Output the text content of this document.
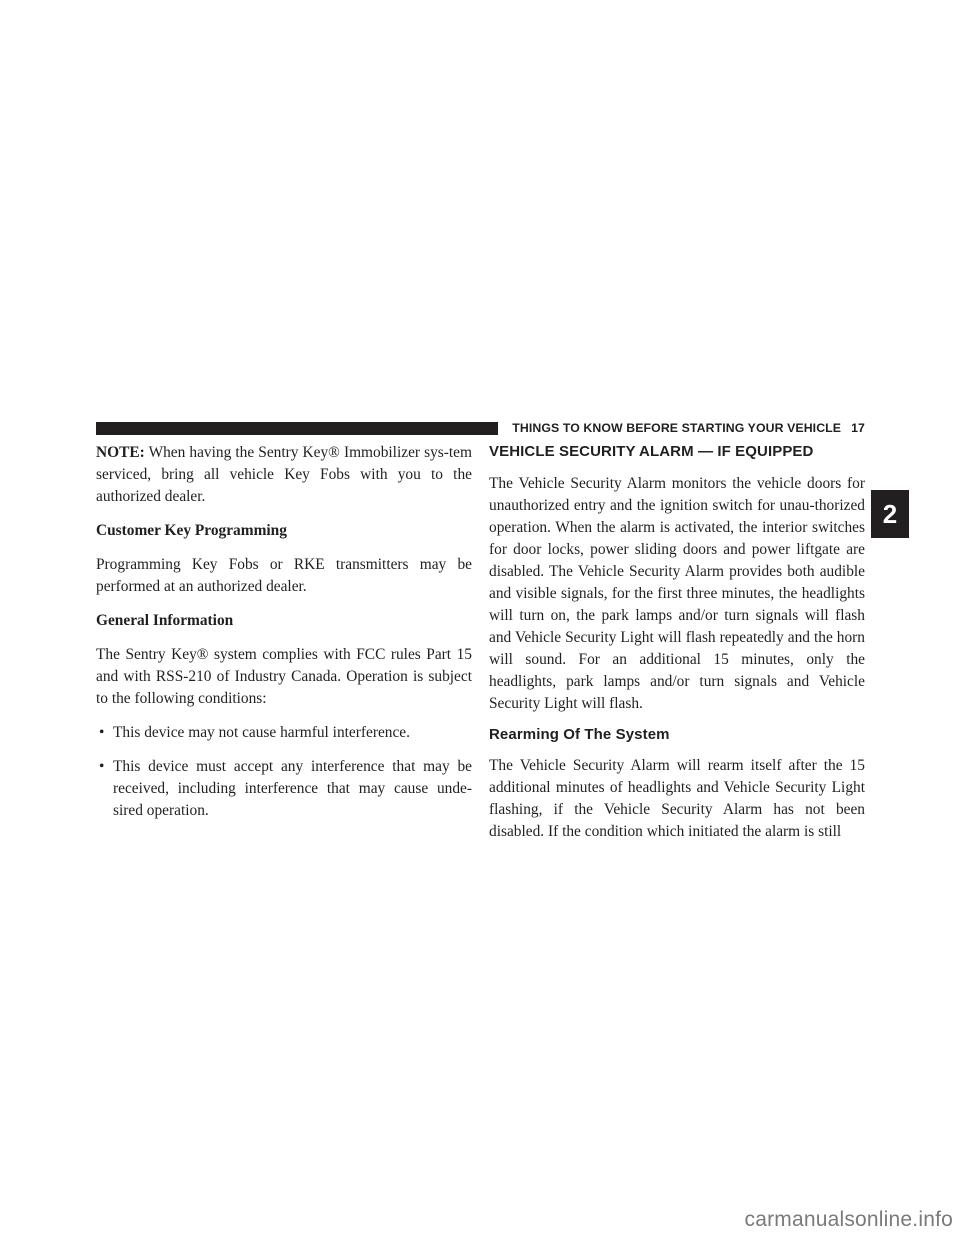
THINGS TO KNOW BEFORE STARTING YOUR VEHICLE 17
2

NOTE: When having the Sentry Key® Immobilizer sys-tem serviced, bring all vehicle Key Fobs with you to the authorized dealer.

Customer Key Programming

Programming Key Fobs or RKE transmitters may be performed at an authorized dealer.

General Information

The Sentry Key® system complies with FCC rules Part 15 and with RSS-210 of Industry Canada. Operation is subject to the following conditions:

• This device may not cause harmful interference.
• This device must accept any interference that may be received, including interference that may cause unde-sired operation.
VEHICLE SECURITY ALARM — IF EQUIPPED

The Vehicle Security Alarm monitors the vehicle doors for unauthorized entry and the ignition switch for unau-thorized operation. When the alarm is activated, the interior switches for door locks, power sliding doors and power liftgate are disabled. The Vehicle Security Alarm provides both audible and visible signals, for the first three minutes, the headlights will turn on, the park lamps and/or turn signals will flash and Vehicle Security Light will flash repeatedly and the horn will sound. For an additional 15 minutes, only the headlights, park lamps and/or turn signals and Vehicle Security Light will flash.

Rearming Of The System

The Vehicle Security Alarm will rearm itself after the 15 additional minutes of headlights and Vehicle Security Light flashing, if the Vehicle Security Alarm has not been disabled. If the condition which initiated the alarm is still

carmanualsonline.info
